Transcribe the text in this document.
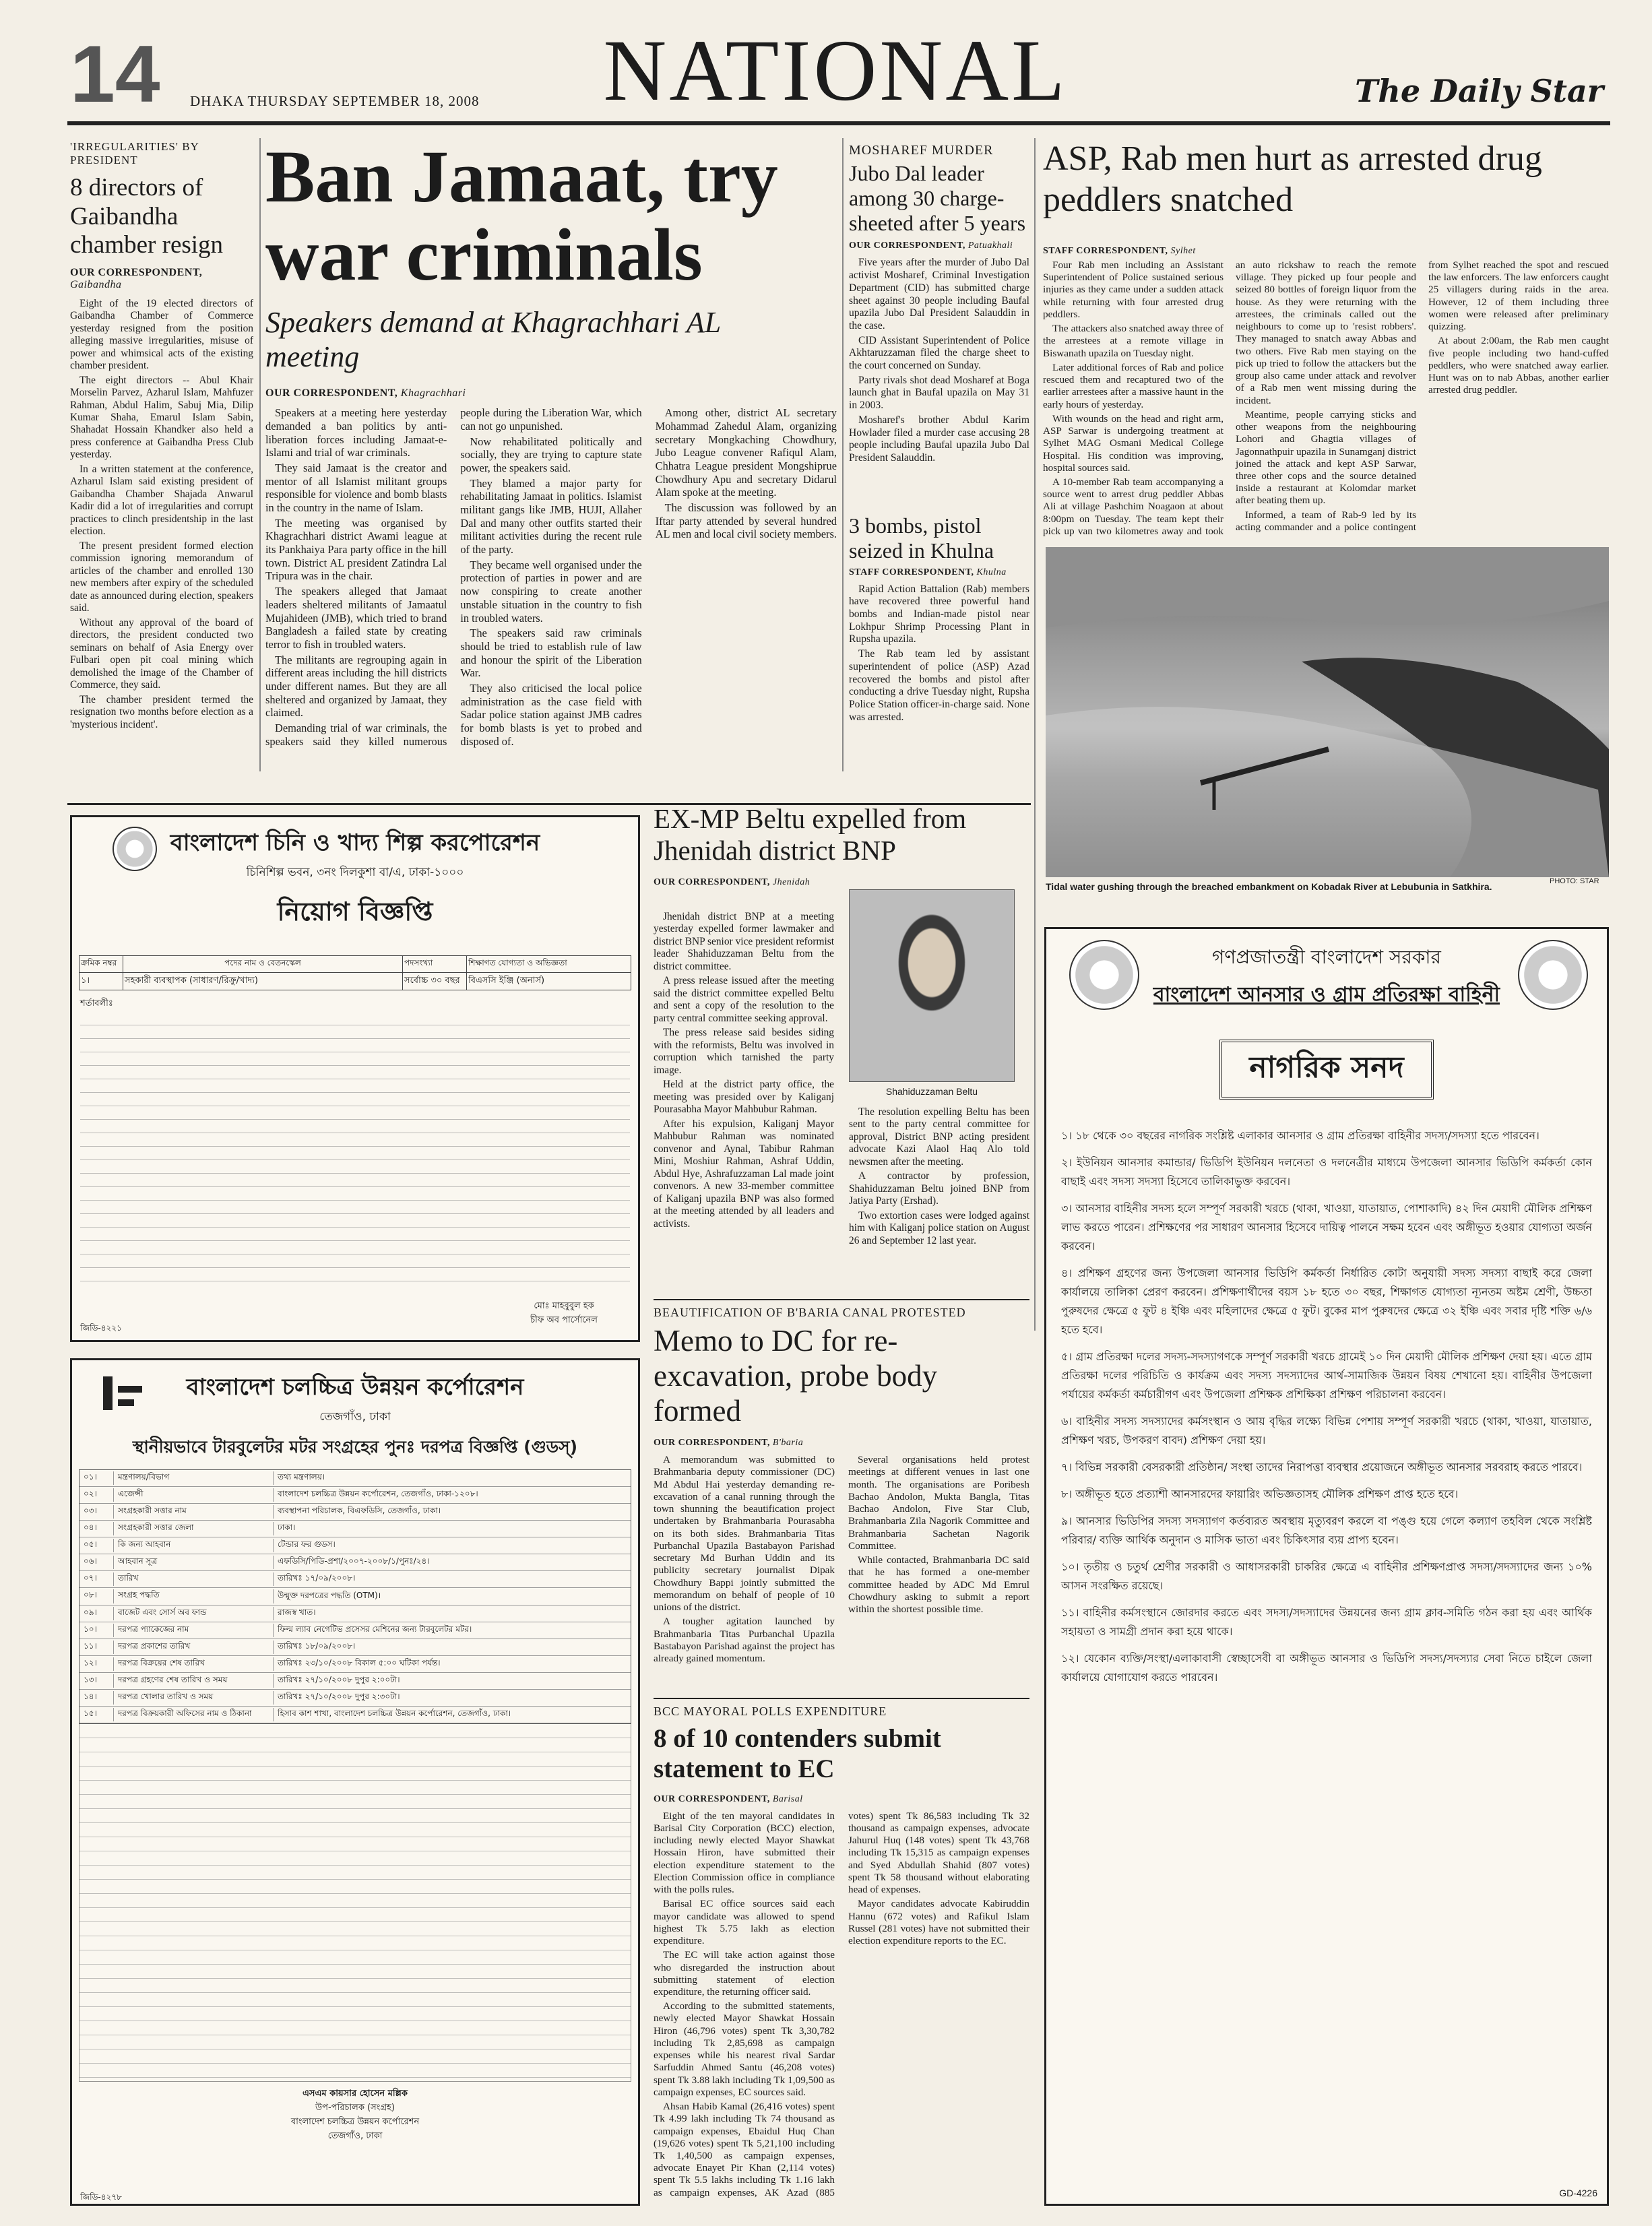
14 DHAKA THURSDAY SEPTEMBER 18, 2008	NATIONAL	The Daily Star
'IRREGULARITIES' BY PRESIDENT
8 directors of Gaibandha chamber resign
OUR CORRESPONDENT, Gaibandha

Eight of the 19 elected directors of Gaibandha Chamber of Commerce yesterday resigned from the position alleging massive irregularities, misuse of power and whimsical acts of the existing chamber president.

The eight directors -- Abul Khair Morselin Parvez, Azharul Islam, Mahfuzer Rahman, Abdul Halim, Sabuj Mia, Dilip Kumar Shaha, Emarul Islam Sabin, Shahadat Hossain Khandker also held a press conference at Gaibandha Press Club yesterday.

In a written statement at the conference, Azharul Islam said existing president of Gaibandha Chamber Shajada Anwarul Kadir did a lot of irregularities and corrupt practices to clinch presidentship in the last election.

The present president formed election commission ignoring memorandum of articles of the chamber and enrolled 130 new members after expiry of the scheduled date as announced during election, speakers said.

Without any approval of the board of directors, the president conducted two seminars on behalf of Asia Energy over Fulbari open pit coal mining which demolished the image of the Chamber of Commerce, they said.

The chamber president termed the resignation two months before election as a 'mysterious incident'.

Ban Jamaat, try war criminals
Speakers demand at Khagrachhari AL meeting
OUR CORRESPONDENT, Khagrachhari

Speakers at a meeting here yesterday demanded a ban politics by anti- liberation forces including Jamaat-e-Islami and trial of war criminals.

They said Jamaat is the creator and mentor of all Islamist militant groups responsible for violence and bomb blasts in the country in the name of Islam.

The meeting was organised by Khagrachhari district Awami league at its Pankhaiya Para party office in the hill town. District AL president Zatindra Lal Tripura was in the chair.

The speakers alleged that Jamaat leaders sheltered militants of Jamaatul Mujahideen (JMB), which tried to brand Bangladesh a failed state by creating terror to fish in troubled waters.

The militants are regrouping again in different areas including the hill districts under different names. But they are all sheltered and organized by Jamaat, they claimed.

Demanding trial of war criminals, the speakers said they killed numerous people during the Liberation War, which can not go unpunished.

Now rehabilitated politically and socially, they are trying to capture state power, the speakers said.

They blamed a major party for rehabilitating Jamaat in politics. Islamist militant gangs like JMB, HUJI, Allaher Dal and many other outfits started their militant activities during the recent rule of the party.

They became well organised under the protection of parties in power and are now conspiring to create another unstable situation in the country to fish in troubled waters.

The speakers said raw criminals should be tried to establish rule of law and honour the spirit of the Liberation War.

They also criticised the local police administration as the case field with Sadar police station against JMB cadres for bomb blasts is yet to probed and disposed of.

Among other, district AL secretary Mohammad Zahedul Alam, organizing secretary Mongkaching Chowdhury, Jubo League convener Rafiqul Alam, Chhatra League president Mongshiprue Chowdhury Apu and secretary Didarul Alam spoke at the meeting.

The discussion was followed by an Iftar party attended by several hundred AL men and local civil society members.

MOSHAREF MURDER
Jubo Dal leader among 30 charge-sheeted after 5 years
OUR CORRESPONDENT, Patuakhali

Five years after the murder of Jubo Dal activist Mosharef, Criminal Investigation Department (CID) has submitted charge sheet against 30 people including Baufal upazila Jubo Dal President Salauddin in the case.

CID Assistant Superintendent of Police Akhtaruzzaman filed the charge sheet to the court concerned on Sunday.

Party rivals shot dead Mosharef at Boga launch ghat in Baufal upazila on May 31 in 2003.

Mosharef's brother Abdul Karim Howlader filed a murder case accusing 28 people including Baufal upazila Jubo Dal President Salauddin.

3 bombs, pistol seized in Khulna
STAFF CORRESPONDENT, Khulna

Rapid Action Battalion (Rab) members have recovered three powerful hand bombs and Indian-made pistol near Lokhpur Shrimp Processing Plant in Rupsha upazila.

The Rab team led by assistant superintendent of police (ASP) Azad recovered the bombs and pistol after conducting a drive Tuesday night, Rupsha Police Station officer-in-charge said. None was arrested.

ASP, Rab men hurt as arrested drug peddlers snatched
STAFF CORRESPONDENT, Sylhet

Four Rab men including an Assistant Superintendent of Police sustained serious injuries as they came under a sudden attack while returning with four arrested drug peddlers.

The attackers also snatched away three of the arrestees at a remote village in Biswanath upazila on Tuesday night.

Later additional forces of Rab and police rescued them and recaptured two of the earlier arrestees after a massive haunt in the early hours of yesterday.

With wounds on the head and right arm, ASP Sarwar is undergoing treatment at Sylhet MAG Osmani Medical College Hospital. His condition was improving, hospital sources said.

A 10-member Rab team accompanying a source went to arrest drug peddler Abbas Ali at village Pashchim Noagaon at about 8:00pm on Tuesday. The team kept their pick up van two kilometres away and took an auto rickshaw to reach the remote village. They picked up four people and seized 80 bottles of foreign liquor from the house. As they were returning with the arrestees, the criminals called out the neighbours to come up to 'resist robbers'. They managed to snatch away Abbas and two others. Five Rab men staying on the pick up tried to follow the attackers but the group also came under attack and revolver of a Rab men went missing during the incident.

Meantime, people carrying sticks and other weapons from the neighbouring Lohori and Ghagtia villages of Jagonnathpuir upazila in Sunamganj district joined the attack and kept ASP Sarwar, three other cops and the source detained inside a restaurant at Kolomdar market after beating them up.

Informed, a team of Rab-9 led by its acting commander and a police contingent from Sylhet reached the spot and rescued the law enforcers. The law enforcers caught 25 villagers during raids in the area. However, 12 of them including three women were released after preliminary quizzing.

At about 2:00am, the Rab men caught five people including two hand-cuffed peddlers, who were snatched away earlier. Hunt was on to nab Abbas, another earlier arrested drug peddler.

Tidal water gushing through the breached embankment on Kobadak River at Lebubunia in Satkhira.	PHOTO: STAR
বাংলাদেশ চিনি ও খাদ্য শিল্প করপোরেশন
চিনিশিল্প ভবন, ৩নং দিলকুশা বা/এ, ঢাকা-১০০০
নিয়োগ বিজ্ঞপ্তি
ক্রমিক নম্বর	পদের নাম ও বেতনস্কেল	পদসংখ্যা	শিক্ষাগত যোগ্যতা ও অভিজ্ঞতা
১।	সহকারী ব্যবস্থাপক (সাধারণ/রিক্রু/খাদ্য)	সর্বোচ্চ ৩০ বছর বিএসসি ইঞ্জি (অনার্স)
শর্তাবলীঃ
মোঃ মাহবুবুল হক
চীফ অব পার্সোনেল
জিডি-৪২২১
বাংলাদেশ চলচ্চিত্র উন্নয়ন কর্পোরেশন
তেজগাঁও, ঢাকা
স্থানীয়ভাবে টারবুলেটর মটর সংগ্রহের পুনঃ দরপত্র বিজ্ঞপ্তি (গুডস্)
০১।	মন্ত্রণালয়/বিভাগ	তথ্য মন্ত্রণালয়।
০২।	এজেন্সী	বাংলাদেশ চলচ্চিত্র উন্নয়ন কর্পোরেশন, তেজগাঁও, ঢাকা-১২০৮।
০৩।	সংগ্রহকারী সত্তার নাম	ব্যবস্থাপনা পরিচালক, বিএফডিসি, তেজগাঁও, ঢাকা।
০৪।	সংগ্রহকারী সত্তার জেলা	ঢাকা।
০৫।	কি জন্য আহবান	টেন্ডার ফর গুডস।
০৬।	আহবান সূত্র	এফডিসি/পিডি-প্রশা/২০০৭-২০০৮/১/পুনঃ/২৪।
০৭।	তারিখ	তারিখঃ ১৭/০৯/২০০৮।
০৮।	সংগ্রহ পদ্ধতি	উন্মুক্ত দরপত্রের পদ্ধতি (OTM)।
০৯।	বাজেট এবং সোর্স অব ফান্ড	রাজস্ব খাত।
১০।	দরপত্র প্যাকেজের নাম	ফিল্ম ল্যাব নেগেটিভ প্রসেসর মেশিনের জন্য টারবুলেটর মটর।
১১।	দরপত্র প্রকাশের তারিখ	তারিখঃ ১৮/০৯/২০০৮।
১২।	দরপত্র বিক্রয়ের শেষ তারিখ	তারিখঃ ২৩/১০/২০০৮ বিকাল ৫:০০ ঘটিকা পর্যন্ত।
১৩।	দরপত্র গ্রহণের শেষ তারিখ ও সময়	তারিখঃ ২৭/১০/২০০৮ দুপুর ২:০০টা।
১৪।	দরপত্র খোলার তারিখ ও সময়	তারিখঃ ২৭/১০/২০০৮ দুপুর ২:৩০টা।
১৫।	দরপত্র বিক্রয়কারী অফিসের নাম ও ঠিকানা	হিসাব কাশ শাখা, বাংলাদেশ চলচ্চিত্র উন্নয়ন কর্পোরেশন, তেজগাঁও, ঢাকা।
এসএম কায়সার হোসেন মল্লিক
উপ-পরিচালক (সংগ্রহ)
বাংলাদেশ চলচ্চিত্র উন্নয়ন কর্পোরেশন
তেজগাঁও, ঢাকা
জিডি-৪২৭৮
EX-MP Beltu expelled from Jhenidah district BNP
OUR CORRESPONDENT, Jhenidah

Jhenidah district BNP at a meeting yesterday expelled former lawmaker and district BNP senior vice president reformist leader Shahiduzzaman Beltu from the district committee.

A press release issued after the meeting said the district committee expelled Beltu and sent a copy of the resolution to the party central committee seeking approval.

The press release said besides siding with the reformists, Beltu was involved in corruption which tarnished the party image.

Held at the district party office, the meeting was presided over by Kaliganj Pourasabha Mayor Mahbubur Rahman.

After his expulsion, Kaliganj Mayor Mahbubur Rahman was nominated convenor and Aynal, Tabibur Rahman Mini, Moshiur Rahman, Ashraf Uddin, Abdul Hye, Ashrafuzzaman Lal made joint convenors. A new 33-member committee of Kaliganj upazila BNP was also formed at the meeting attended by all leaders and activists.

Shahiduzzaman Beltu

The resolution expelling Beltu has been sent to the party central committee for approval, District BNP acting president advocate Kazi Alaol Haq Alo told newsmen after the meeting.

A contractor by profession, Shahiduzzaman Beltu joined BNP from Jatiya Party (Ershad).

Two extortion cases were lodged against him with Kaliganj police station on August 26 and September 12 last year.

BEAUTIFICATION OF B'BARIA CANAL PROTESTED
Memo to DC for re-excavation, probe body formed
OUR CORRESPONDENT, B'baria

A memorandum was submitted to Brahmanbaria deputy commissioner (DC) Md Abdul Hai yesterday demanding re-excavation of a canal running through the town shunning the beautification project undertaken by Brahmanbaria Pourasabha on its both sides. Brahmanbaria Titas Purbanchal Upazila Bastabayon Parishad secretary Md Burhan Uddin and its publicity secretary journalist Dipak Chowdhury Bappi jointly submitted the memorandum on behalf of people of 10 unions of the district.

A tougher agitation launched by Brahmanbaria Titas Purbanchal Upazila Bastabayon Parishad against the project has already gained momentum.

Several organisations held protest meetings at different venues in last one month. The organisations are Poribesh Bachao Andolon, Mukta Bangla, Titas Bachao Andolon, Five Star Club, Brahmanbaria Zila Nagorik Committee and Brahmanbaria Sachetan Nagorik Committee.

While contacted, Brahmanbaria DC said that he has formed a one-member committee headed by ADC Md Emrul Chowdhury asking to submit a report within the shortest possible time.

BCC MAYORAL POLLS EXPENDITURE
8 of 10 contenders submit statement to EC
OUR CORRESPONDENT, Barisal

Eight of the ten mayoral candidates in Barisal City Corporation (BCC) election, including newly elected Mayor Shawkat Hossain Hiron, have submitted their election expenditure statement to the Election Commission office in compliance with the polls rules.

Barisal EC office sources said each mayor candidate was allowed to spend highest Tk 5.75 lakh as election expenditure.

The EC will take action against those who disregarded the instruction about submitting statement of election expenditure, the returning officer said.

According to the submitted statements, newly elected Mayor Shawkat Hossain Hiron (46,796 votes) spent Tk 3,30,782 including Tk 2,85,698 as campaign expenses while his nearest rival Sardar Sarfuddin Ahmed Santu (46,208 votes) spent Tk 3.88 lakh including Tk 1,09,500 as campaign expenses, EC sources said.

Ahsan Habib Kamal (26,416 votes) spent Tk 4.99 lakh including Tk 74 thousand as campaign expenses, Ebaidul Huq Chan (19,626 votes) spent Tk 5,21,100 including Tk 1,40,500 as campaign expenses, advocate Enayet Pir Khan (2,114 votes) spent Tk 5.5 lakhs including Tk 1.16 lakh as campaign expenses, AK Azad (885 votes) spent Tk 86,583 including Tk 32 thousand as campaign expenses, advocate Jahurul Huq (148 votes) spent Tk 43,768 including Tk 15,315 as campaign expenses and Syed Abdullah Shahid (807 votes) spent Tk 58 thousand without elaborating head of expenses.

Mayor candidates advocate Kabiruddin Hannu (672 votes) and Rafikul Islam Russel (281 votes) have not submitted their election expenditure reports to the EC.

গণপ্রজাতন্ত্রী বাংলাদেশ সরকার
বাংলাদেশ আনসার ও গ্রাম প্রতিরক্ষা বাহিনী
নাগরিক সনদ

১। ১৮ থেকে ৩০ বছরের নাগরিক সংশ্লিষ্ট এলাকার আনসার ও গ্রাম প্রতিরক্ষা বাহিনীর সদস্য/সদস্যা হতে পারবেন।

২। ইউনিয়ন আনসার কমান্ডার/ ভিডিপি ইউনিয়ন দলনেতা ও দলনেত্রীর মাধ্যমে উপজেলা আনসার ভিডিপি কর্মকর্তা কোন বাছাই এবং সদস্য সদস্যা হিসেবে তালিকাভুক্ত করবেন।

৩। আনসার বাহিনীর সদস্য হলে সম্পূর্ণ সরকারী খরচে (থাকা, খাওয়া, যাতায়াত, পোশাকাদি) ৪২ দিন মেয়াদী মৌলিক প্রশিক্ষণ লাভ করতে পারেন। প্রশিক্ষণের পর সাধারণ আনসার হিসেবে দায়িত্ব পালনে সক্ষম হবেন এবং অঙ্গীভূত হওয়ার যোগ্যতা অর্জন করবেন।

৪। প্রশিক্ষণ গ্রহণের জন্য উপজেলা আনসার ভিডিপি কর্মকর্তা নির্ধারিত কোটা অনুযায়ী সদস্য সদস্যা বাছাই করে জেলা কার্যালয়ে তালিকা প্রেরণ করবেন। প্রশিক্ষণার্থীদের বয়স ১৮ হতে ৩০ বছর, শিক্ষাগত যোগ্যতা ন্যূনতম অষ্টম শ্রেণী, উচ্চতা পুরুষদের ক্ষেত্রে ৫ ফুট ৪ ইঞ্চি এবং মহিলাদের ক্ষেত্রে ৫ ফুট। বুকের মাপ পুরুষদের ক্ষেত্রে ৩২ ইঞ্চি এবং সবার দৃষ্টি শক্তি ৬/৬ হতে হবে।

৫। গ্রাম প্রতিরক্ষা দলের সদস্য-সদস্যাগণকে সম্পূর্ণ সরকারী খরচে গ্রামেই ১০ দিন মেয়াদী মৌলিক প্রশিক্ষণ দেয়া হয়। এতে গ্রাম প্রতিরক্ষা দলের পরিচিতি ও কার্যক্রম এবং সদস্য সদস্যাদের আর্থ-সামাজিক উন্নয়ন বিষয় শেখানো হয়। বাহিনীর উপজেলা পর্যায়ের কর্মকর্তা কর্মচারীগণ এবং উপজেলা প্রশিক্ষক প্রশিক্ষিকা প্রশিক্ষণ পরিচালনা করবেন।

৬। বাহিনীর সদস্য সদস্যাদের কর্মসংস্থান ও আয় বৃদ্ধির লক্ষ্যে বিভিন্ন পেশায় সম্পূর্ণ সরকারী খরচে (থাকা, খাওয়া, যাতায়াত, প্রশিক্ষণ খরচ, উপকরণ বাবদ) প্রশিক্ষণ দেয়া হয়।

৭। বিভিন্ন সরকারী বেসরকারী প্রতিষ্ঠান/ সংস্থা তাদের নিরাপত্তা ব্যবস্থার প্রয়োজনে অঙ্গীভূত আনসার সরবরাহ করতে পারবে।

৮। অঙ্গীভূত হতে প্রত্যাশী আনসারদের ফায়ারিং অভিজ্ঞতাসহ মৌলিক প্রশিক্ষণ প্রাপ্ত হতে হবে।

৯। আনসার ভিডিপির সদস্য সদস্যাগণ কর্তব্যরত অবস্থায় মৃত্যুবরণ করলে বা পঙ্গু হয়ে গেলে কল্যাণ তহবিল থেকে সংশ্লিষ্ট পরিবার/ ব্যক্তি আর্থিক অনুদান ও মাসিক ভাতা এবং চিকিৎসার ব্যয় প্রাপ্য হবেন।

১০। তৃতীয় ও চতুর্থ শ্রেণীর সরকারী ও আধাসরকারী চাকরির ক্ষেত্রে এ বাহিনীর প্রশিক্ষণপ্রাপ্ত সদস্য/সদস্যাদের জন্য ১০% আসন সংরক্ষিত রয়েছে।

১১। বাহিনীর কর্মসংস্থানে জোরদার করতে এবং সদস্য/সদস্যাদের উন্নয়নের জন্য গ্রাম ক্লাব-সমিতি গঠন করা হয় এবং আর্থিক সহায়তা ও সামগ্রী প্রদান করা হয়ে থাকে।

১২। যেকোন ব্যক্তি/সংস্থা/এলাকাবাসী স্বেচ্ছাসেবী বা অঙ্গীভূত আনসার ও ভিডিপি সদস্য/সদস্যার সেবা নিতে চাইলে জেলা কার্যালয়ে যোগাযোগ করতে পারবেন।

GD-4226
